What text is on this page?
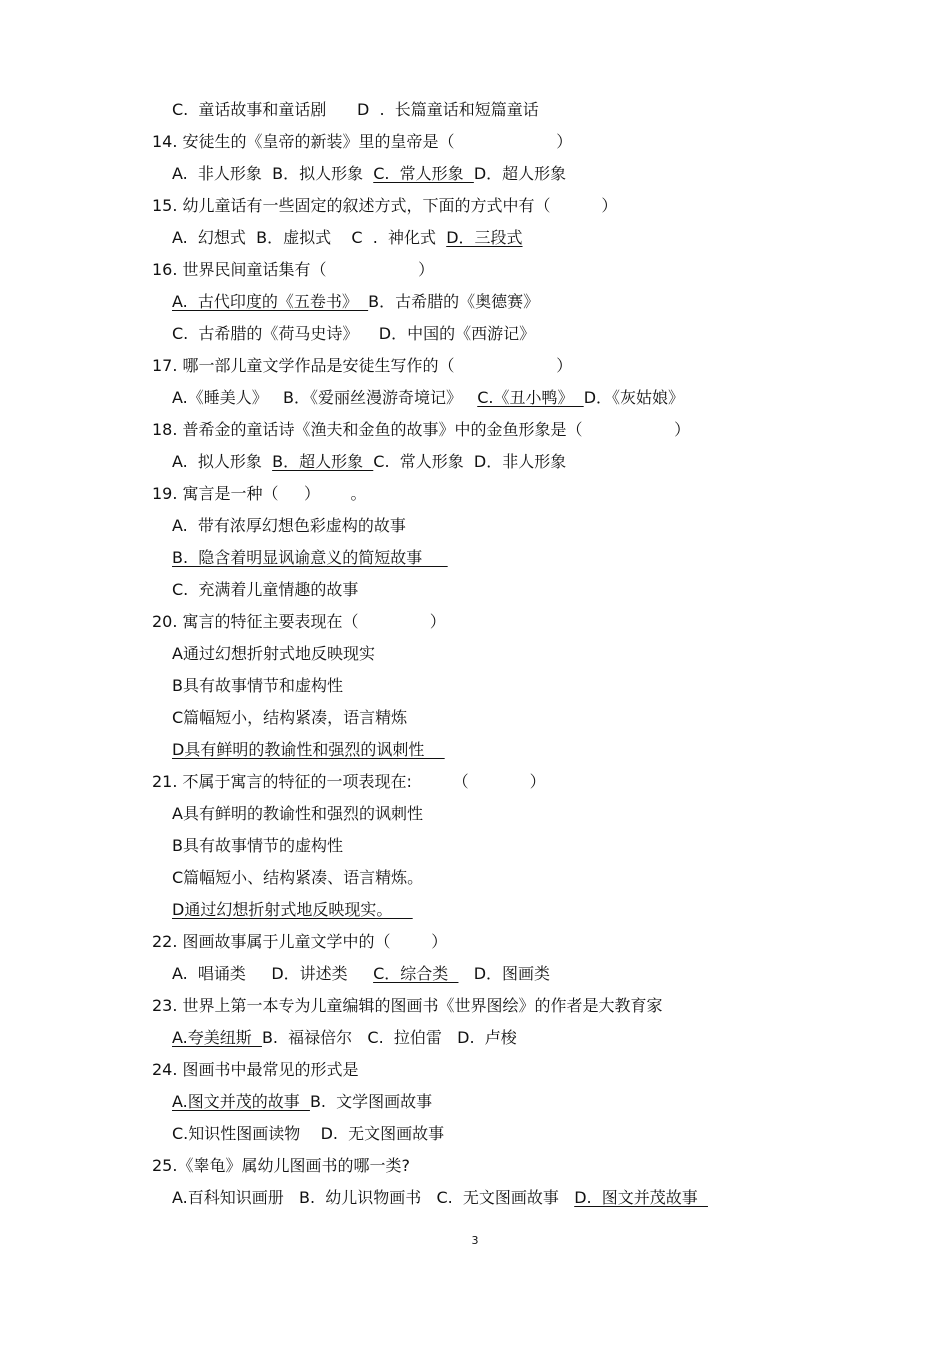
C.  童话故事和童话剧      D  .  长篇童话和短篇童话
14. 安徒生的《皇帝的新装》里的皇帝是（                    ）
A.  非人形象  B．拟人形象  C.  常人形象  D．超人形象
15. 幼儿童话有一些固定的叙述方式，下面的方式中有（          ）
A.  幻想式  B．虚拟式    C  .  神化式  D．三段式
16. 世界民间童话集有（                  ）
A.  古代印度的《五卷书》  B．古希腊的《奥德赛》
C.  古希腊的《荷马史诗》    D．中国的《西游记》
17. 哪一部儿童文学作品是安徒生写作的（                    ）
A.《睡美人》   B．《爱丽丝漫游奇境记》   C.《丑小鸭》  D．《灰姑娘》
18. 普希金的童话诗《渔夫和金鱼的故事》中的金鱼形象是（                  ）
A.  拟人形象  B．超人形象  C.  常人形象  D．非人形象
19. 寓言是一种（     ）      。
A.  带有浓厚幻想色彩虚构的故事
B.  隐含着明显讽谕意义的简短故事
C.  充满着儿童情趣的故事
20. 寓言的特征主要表现在（              ）
A通过幻想折射式地反映现实
B具有故事情节和虚构性
C篇幅短小，结构紧凑，语言精炼
D具有鲜明的教谕性和强烈的讽刺性
21. 不属于寓言的特征的一项表现在:        （            ）
A具有鲜明的教谕性和强烈的讽刺性
B具有故事情节的虚构性
C篇幅短小、结构紧凑、语言精炼。
D通过幻想折射式地反映现实。
22. 图画故事属于儿童文学中的（        ）
A.  唱诵类     D．讲述类     C．综合类     D．图画类
23. 世界上第一本专为儿童编辑的图画书《世界图绘》的作者是大教育家
A.夸美纽斯  B.  福禄倍尔   C.  拉伯雷   D.  卢梭
24. 图画书中最常见的形式是
A.图文并茂的故事  B.  文学图画故事
C.知识性图画读物    D.  无文图画故事
25.《睾龟》属幼儿图画书的哪一类?
A.百科知识画册   B.  幼儿识物画书   C.  无文图画故事   D.  图文并茂故事
3
